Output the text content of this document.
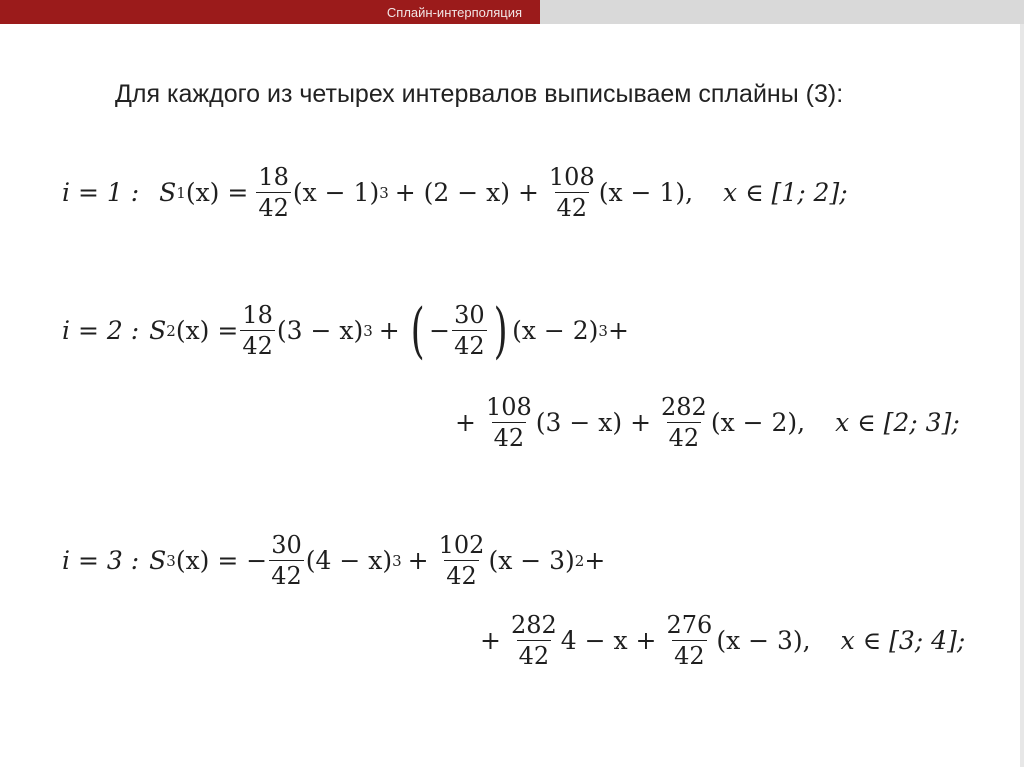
Сплайн-интерполяция
Для каждого из четырех интервалов выписываем сплайны (3):
i = 1 : S 1 $(x) = \frac{18}{42} (x - 1) 3 + (2 - x) + \frac{108}{42} (x - 1)$, x ∈ [1; 2];
i = 2 : S 2 $(x) = \frac{18}{42} (3 - x) 3$ + ( − $\frac{30}{42}$ ) (x − 2) 3 +
+ $\frac{108}{42} (3 - x) + \frac{282}{42} (x - 2)$, x ∈ [2; 3];
i = 3 : S 3 (x) = − $\frac{30}{42} (4 - x) 3 + \frac{102}{42} (x - 3) 2$ +
+ $\frac{282}{42} 4 - x + \frac{276}{42} (x - 3)$, x ∈ [3; 4];
